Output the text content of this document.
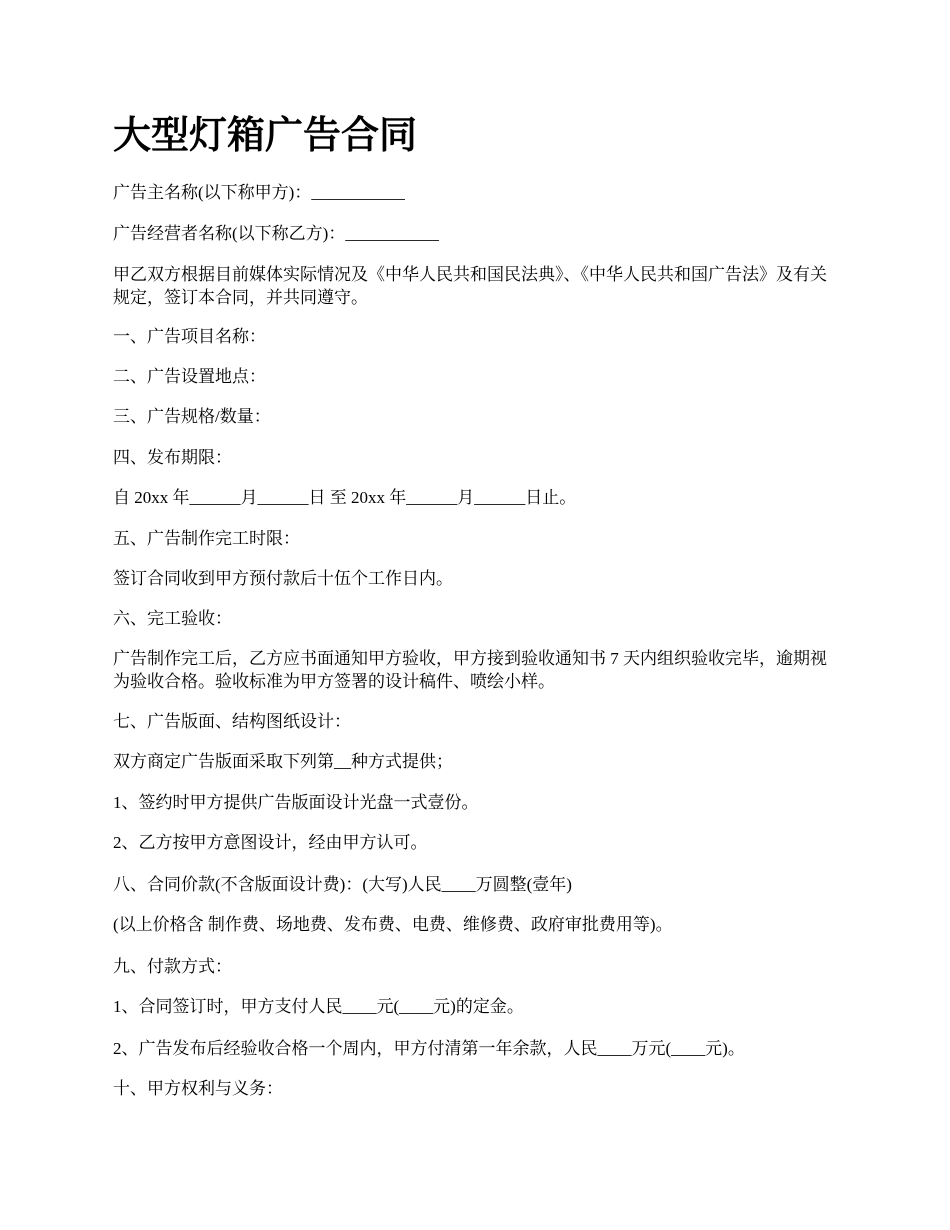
大型灯箱广告合同

广告主名称(以下称甲方)：___________

广告经营者名称(以下称乙方)：___________

甲乙双方根据目前媒体实际情况及《中华人民共和国民法典》、《中华人民共和国广告法》及有关规定，签订本合同，并共同遵守。

一、广告项目名称：

二、广告设置地点：

三、广告规格/数量：

四、发布期限：

自 20xx 年______月______日 至 20xx 年______月______日止。

五、广告制作完工时限：

签订合同收到甲方预付款后十伍个工作日内。

六、完工验收：

广告制作完工后，乙方应书面通知甲方验收，甲方接到验收通知书 7 天内组织验收完毕，逾期视为验收合格。验收标准为甲方签署的设计稿件、喷绘小样。

七、广告版面、结构图纸设计：

双方商定广告版面采取下列第__种方式提供；

1、签约时甲方提供广告版面设计光盘一式壹份。

2、乙方按甲方意图设计，经由甲方认可。

八、合同价款(不含版面设计费)：(大写)人民____万圆整(壹年)

(以上价格含 制作费、场地费、发布费、电费、维修费、政府审批费用等)。

九、付款方式：

1、合同签订时，甲方支付人民____元(____元)的定金。

2、广告发布后经验收合格一个周内，甲方付清第一年余款，人民____万元(____元)。

十、甲方权利与义务：
